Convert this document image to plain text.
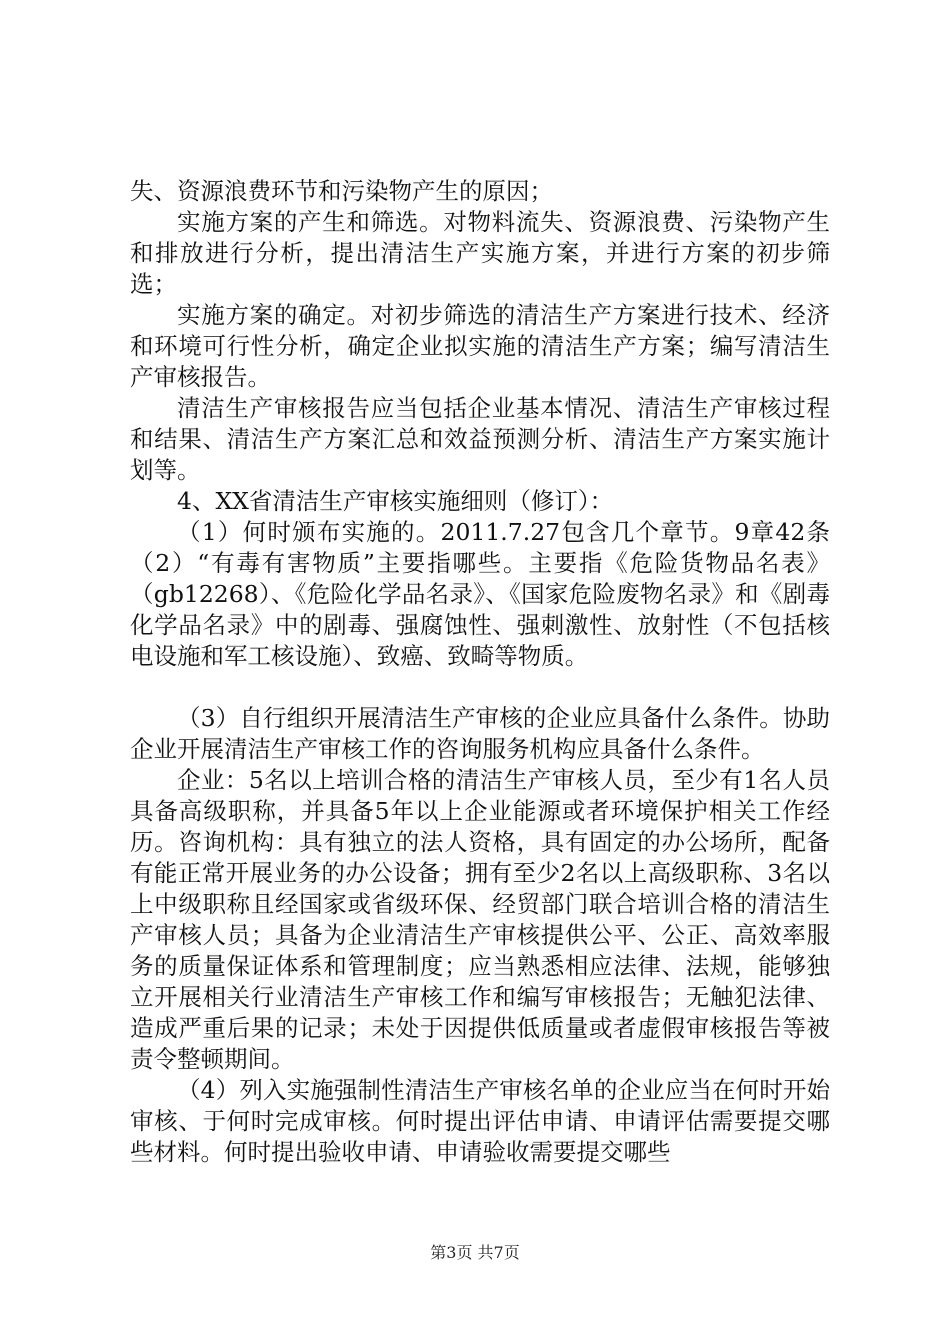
失、资源浪费环节和污染物产生的原因；

实施方案的产生和筛选。对物料流失、资源浪费、污染物产生和排放进行分析，提出清洁生产实施方案，并进行方案的初步筛选；

实施方案的确定。对初步筛选的清洁生产方案进行技术、经济和环境可行性分析，确定企业拟实施的清洁生产方案；编写清洁生产审核报告。

清洁生产审核报告应当包括企业基本情况、清洁生产审核过程和结果、清洁生产方案汇总和效益预测分析、清洁生产方案实施计划等。

4、XX省清洁生产审核实施细则（修订）：

（1）何时颁布实施的。2011.7.27包含几个章节。9章42条（2）“有毒有害物质”主要指哪些。主要指《危险货物品名表》（gb12268）、《危险化学品名录》、《国家危险废物名录》和《剧毒化学品名录》中的剧毒、强腐蚀性、强刺激性、放射性（不包括核电设施和军工核设施）、致癌、致畸等物质。

（3）自行组织开展清洁生产审核的企业应具备什么条件。协助企业开展清洁生产审核工作的咨询服务机构应具备什么条件。

企业：5名以上培训合格的清洁生产审核人员，至少有1名人员具备高级职称，并具备5年以上企业能源或者环境保护相关工作经历。咨询机构：具有独立的法人资格，具有固定的办公场所，配备有能正常开展业务的办公设备；拥有至少2名以上高级职称、3名以上中级职称且经国家或省级环保、经贸部门联合培训合格的清洁生产审核人员；具备为企业清洁生产审核提供公平、公正、高效率服务的质量保证体系和管理制度；应当熟悉相应法律、法规，能够独立开展相关行业清洁生产审核工作和编写审核报告；无触犯法律、造成严重后果的记录；未处于因提供低质量或者虚假审核报告等被责令整顿期间。

（4）列入实施强制性清洁生产审核名单的企业应当在何时开始审核、于何时完成审核。何时提出评估申请、申请评估需要提交哪些材料。何时提出验收申请、申请验收需要提交哪些

第3页 共7页
